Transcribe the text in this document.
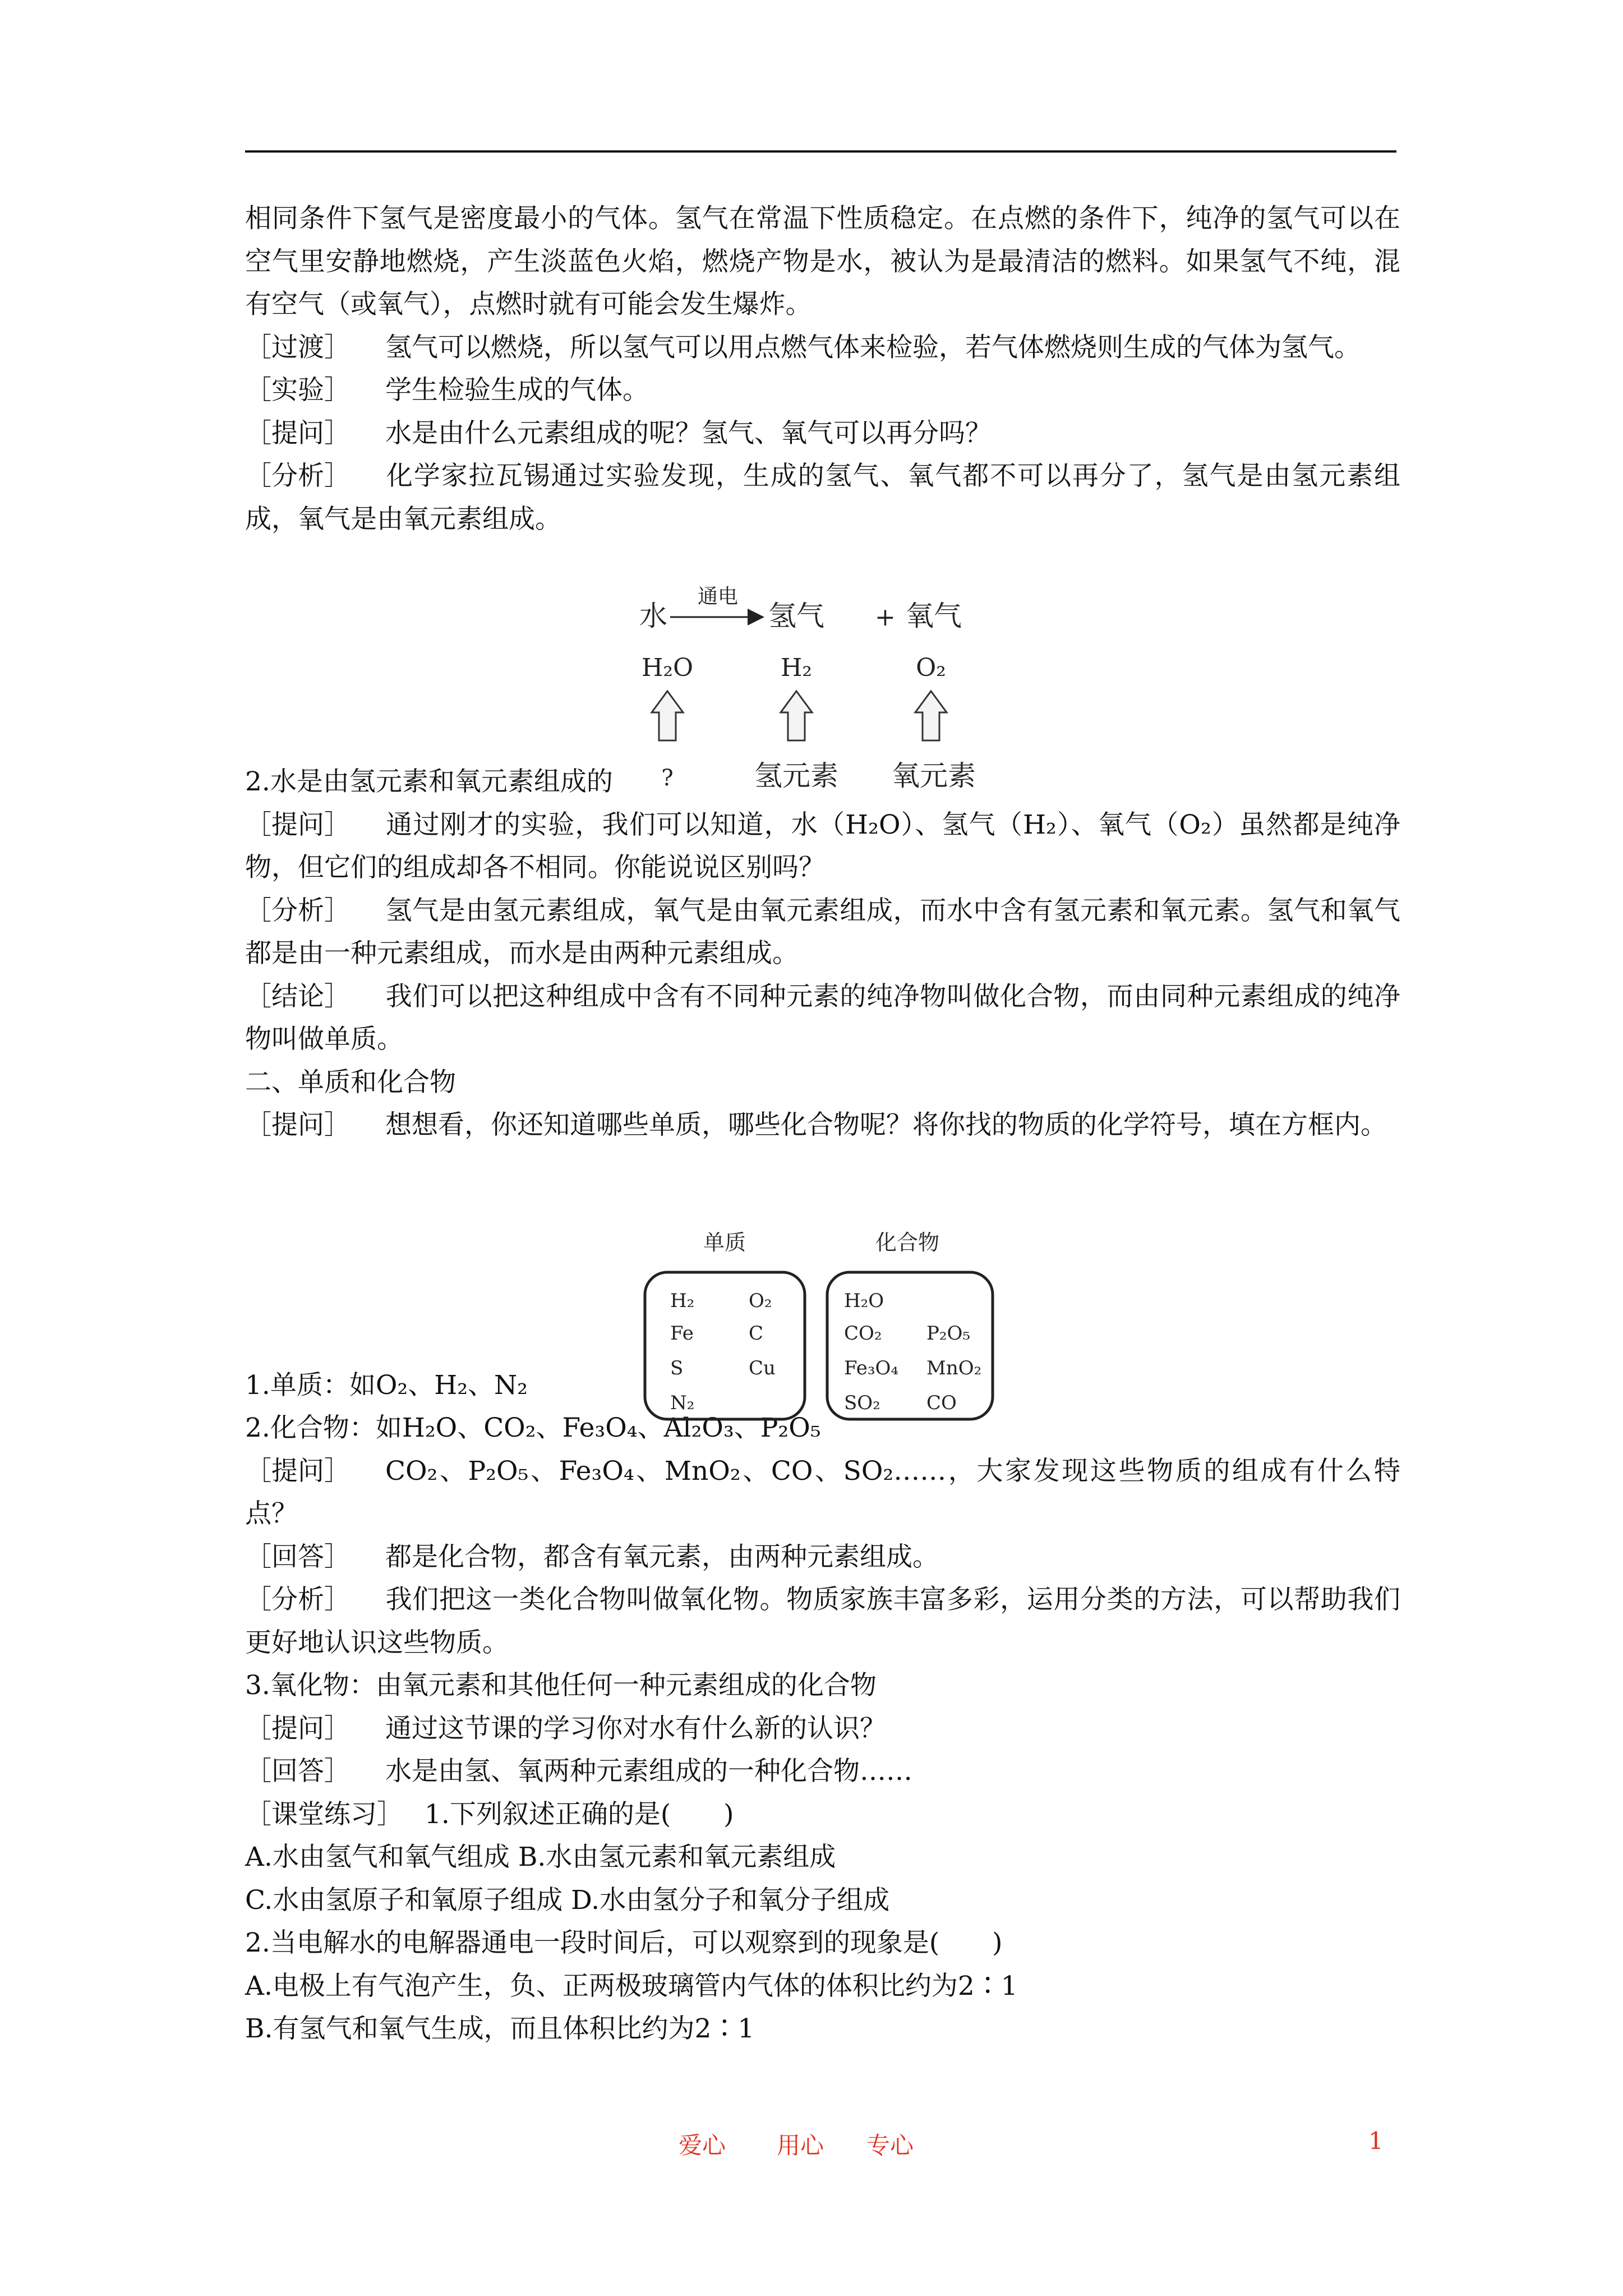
相同条件下氢气是密度最小的气体。氢气在常温下性质稳定。在点燃的条件下，纯净的氢气可以在空气里安静地燃烧，产生淡蓝色火焰，燃烧产物是水，被认为是最清洁的燃料。如果氢气不纯，混有空气（或氧气），点燃时就有可能会发生爆炸。

［过渡］ 氢气可以燃烧，所以氢气可以用点燃气体来检验，若气体燃烧则生成的气体为氢气。

［实验］ 学生检验生成的气体。

［提问］ 水是由什么元素组成的呢？氢气、氧气可以再分吗？

［分析］ 化学家拉瓦锡通过实验发现，生成的氢气、氧气都不可以再分了，氢气是由氢元素组成，氧气是由氧元素组成。

2.水是由氢元素和氧元素组成的

［提问］ 通过刚才的实验，我们可以知道，水（H₂O）、氢气（H₂）、氧气（O₂）虽然都是纯净物，但它们的组成却各不相同。你能说说区别吗？

［分析］ 氢气是由氢元素组成，氧气是由氧元素组成，而水中含有氢元素和氧元素。氢气和氧气都是由一种元素组成，而水是由两种元素组成。

［结论］ 我们可以把这种组成中含有不同种元素的纯净物叫做化合物，而由同种元素组成的纯净物叫做单质。

二、单质和化合物

［提问］ 想想看，你还知道哪些单质，哪些化合物呢？将你找的物质的化学符号，填在方框内。

1.单质：如O₂、H₂、N₂

2.化合物：如H₂O、CO₂、Fe₃O₄、Al₂O₃、P₂O₅

［提问］ CO₂、P₂O₅、Fe₃O₄、MnO₂、CO、SO₂……，大家发现这些物质的组成有什么特点？

［回答］ 都是化合物，都含有氧元素，由两种元素组成。

［分析］ 我们把这一类化合物叫做氧化物。物质家族丰富多彩，运用分类的方法，可以帮助我们更好地认识这些物质。

3.氧化物：由氧元素和其他任何一种元素组成的化合物

［提问］ 通过这节课的学习你对水有什么新的认识？

［回答］ 水是由氢、氧两种元素组成的一种化合物……

［课堂练习］ 1.下列叙述正确的是(　　)

A.水由氢气和氧气组成 B.水由氢元素和氧元素组成

C.水由氢原子和氧原子组成 D.水由氢分子和氧分子组成

2.当电解水的电解器通电一段时间后，可以观察到的现象是(　　)

A.电极上有气泡产生，负、正两极玻璃管内气体的体积比约为2∶1

B.有氢气和氧气生成，而且体积比约为2∶1

水
通电
氢气 + 氧气
H₂O	H₂	O₂
?	氢元素 氧元素
单质	化合物
H₂	O₂
Fe	C
S	Cu
N₂
H₂O
CO₂ P₂O₅
Fe₃O₄ MnO₂
SO₂ CO
爱心 用心 专心	1
